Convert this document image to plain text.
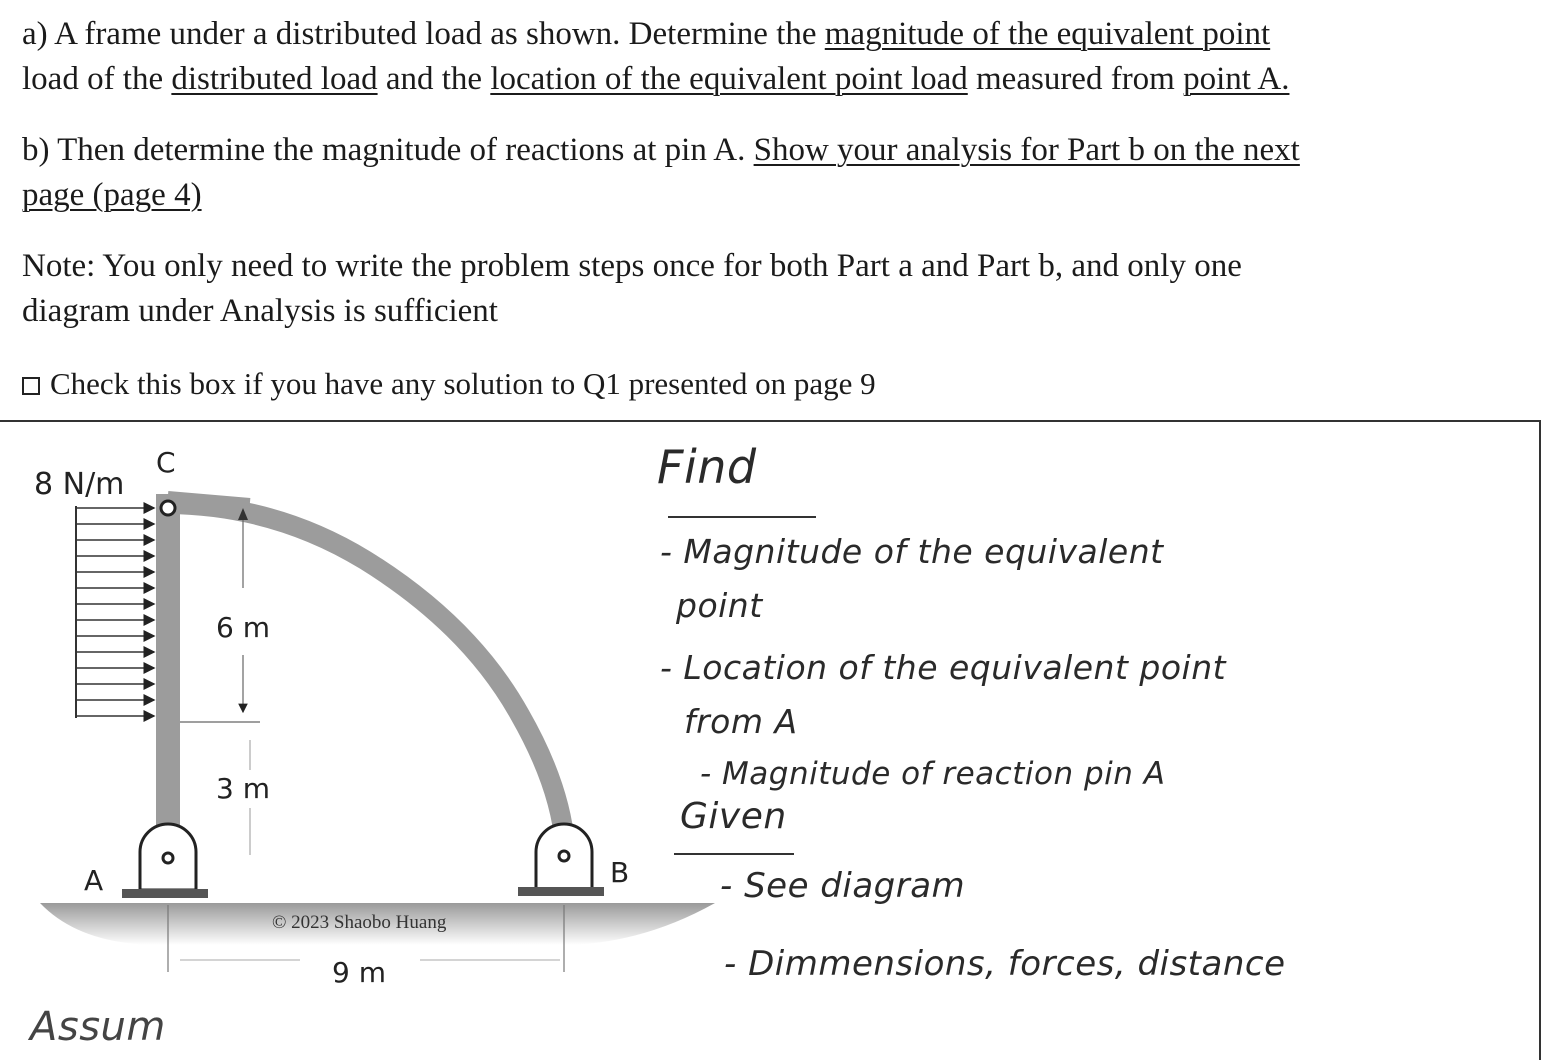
a) A frame under a distributed load as shown. Determine the magnitude of the equivalent point
load of the distributed load and the location of the equivalent point load measured from point A.
b) Then determine the magnitude of reactions at pin A. Show your analysis for Part b on the next
page (page 4)
Note: You only need to write the problem steps once for both Part a and Part b, and only one
diagram under Analysis is sufficient
Check this box if you have any solution to Q1 presented on page 9
8 N/m
C
A	B
6 m
3 m
9 m
© 2023 Shaobo Huang
Find
- Magnitude of the equivalent
point
- Location of the equivalent point
from A
- Magnitude of reaction pin A
Given
- See diagram
- Dimmensions, forces, distance
Assum
